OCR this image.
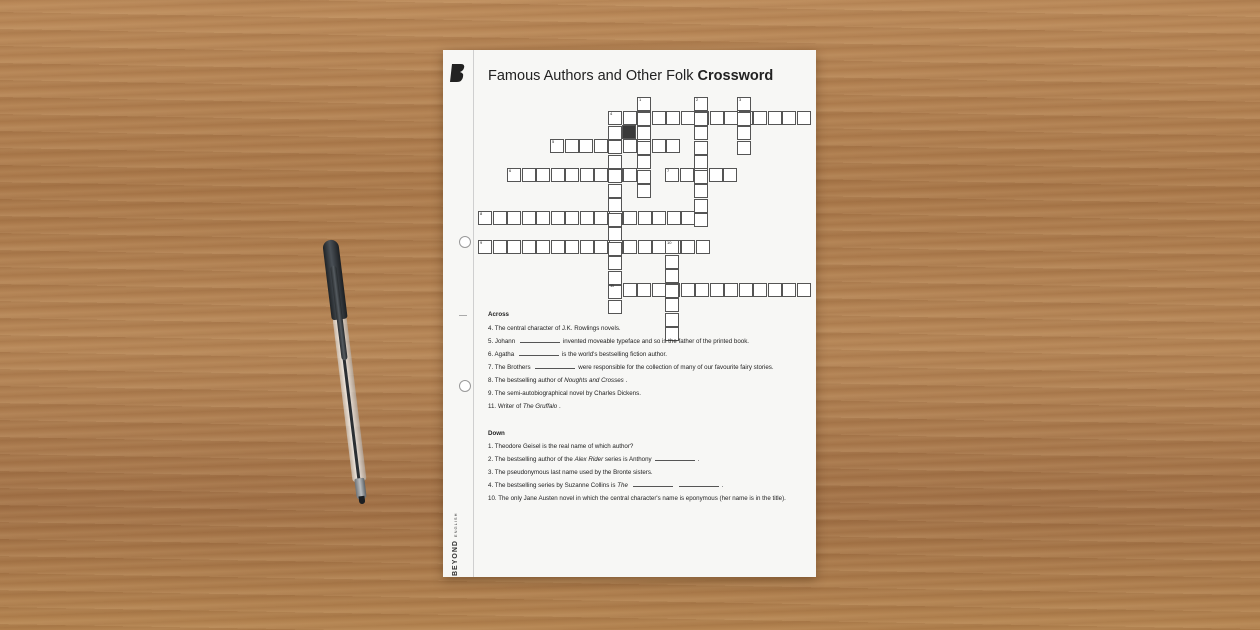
BEYOND ENGLISH
Famous Authors and Other Folk Crossword
1	2	3
4
5
6	7
8
9	10
11
Across

4. The central character of J.K. Rowlings novels.

5. Johann	invented moveable typeface and so is the father of the printed book.

6. Agatha	is the world's bestselling fiction author.

7. The Brothers	were responsible for the collection of many of our favourite fairy stories.

8. The bestselling author of Noughts and Crosses .

9. The semi-autobiographical novel by Charles Dickens.

11. Writer of The Gruffalo .

Down

1. Theodore Geisel is the real name of which author?

2. The bestselling author of the Alex Rider series is Anthony	.

3. The pseudonymous last name used by the Bronte sisters.

4. The bestselling series by Suzanne Collins is The	.

10. The only Jane Austen novel in which the central character's name is eponymous (her name is in the title).
